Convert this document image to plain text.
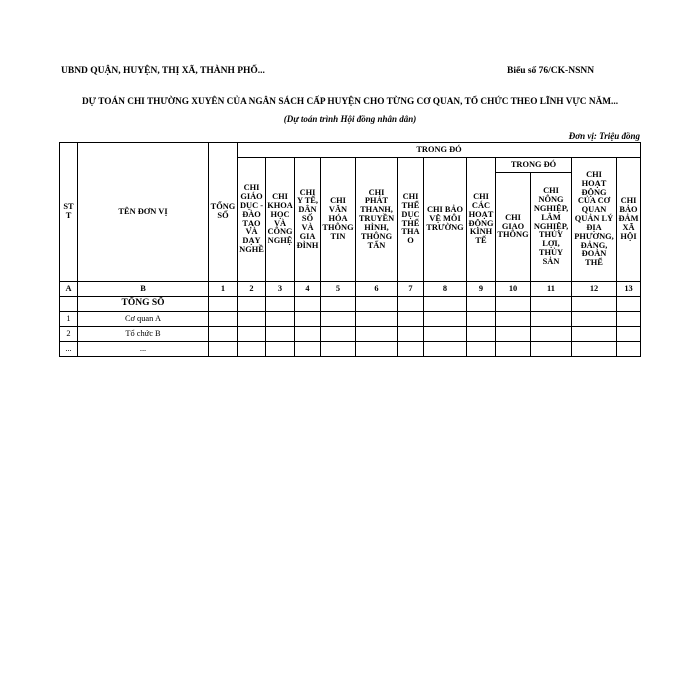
UBND QUẬN, HUYỆN, THỊ XÃ, THÀNH PHỐ...	Biểu số 76/CK-NSNN
DỰ TOÁN CHI THƯỜNG XUYÊN CỦA NGÂN SÁCH CẤP HUYỆN CHO TỪNG CƠ QUAN, TỔ CHỨC THEO LĨNH VỰC NĂM...
(Dự toán trình Hội đồng nhân dân)
Đơn vị: Triệu đồng
STT	TÊN ĐƠN VỊ	TỔNG SỐ	TRONG ĐÓ											
			CHI GIÁO DỤC - ĐÀO TẠO VÀ DẠY NGHỀ	CHI KHOA HỌC VÀ CÔNG NGHỆ	CHI Y TẾ, DÂN SỐ VÀ GIA ĐÌNH	CHI VĂN HÓA THÔNG TIN	CHI PHÁT THANH, TRUYỀN HÌNH, THÔNG TẤN	CHI THỂ DỤC THỂ THAO	CHI BẢO VỆ MÔI TRƯỜNG	CHI CÁC HOẠT ĐỘNG KINH TẾ	TRONG ĐÓ		CHI HOẠT ĐỘNG CỦA CƠ QUAN QUẢN LÝ ĐỊA PHƯƠNG, ĐẢNG, ĐOÀN THỂ	CHI BẢO ĐẢM XÃ HỘI
											CHI GIAO THÔNG	CHI NÔNG NGHIỆP, LÂM NGHIỆP, THỦY LỢI, THỦY SẢN		
A	B	1	2	3	4	5	6	7	8	9	10	11	12	13
	TỔNG SỐ													
1	Cơ quan A													
2	Tổ chức B													
...	...													
